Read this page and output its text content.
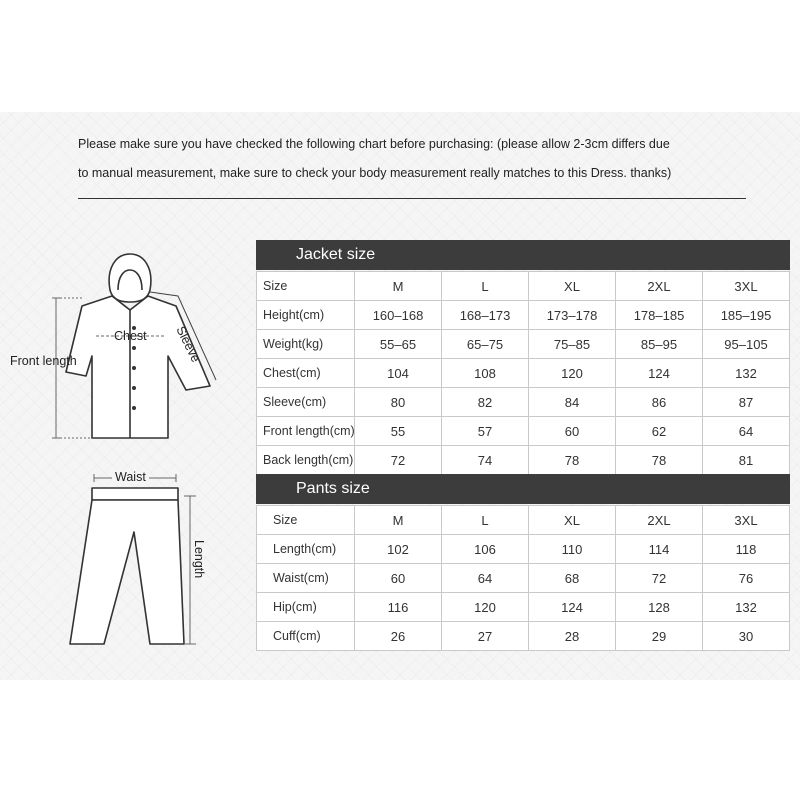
Please make sure you have checked the following chart before purchasing: (please allow 2-3cm differs due
to manual measurement, make sure to check your body measurement really matches to this Dress. thanks)
Chest Sleeve
Front length
Waist
Length
Jacket size
Size	M	L	XL	2XL	3XL
Height(cm)	160–168	168–173	173–178	178–185	185–195
Weight(kg)	55–65	65–75	75–85	85–95	95–105
Chest(cm)	104	108	120	124	132
Sleeve(cm)	80	82	84	86	87
Front length(cm)	55	57	60	62	64
Back length(cm)	72	74	78	78	81
Pants size
Size	M	L	XL	2XL	3XL
Length(cm)	102	106	110	114	118
Waist(cm)	60	64	68	72	76
Hip(cm)	116	120	124	128	132
Cuff(cm)	26	27	28	29	30
